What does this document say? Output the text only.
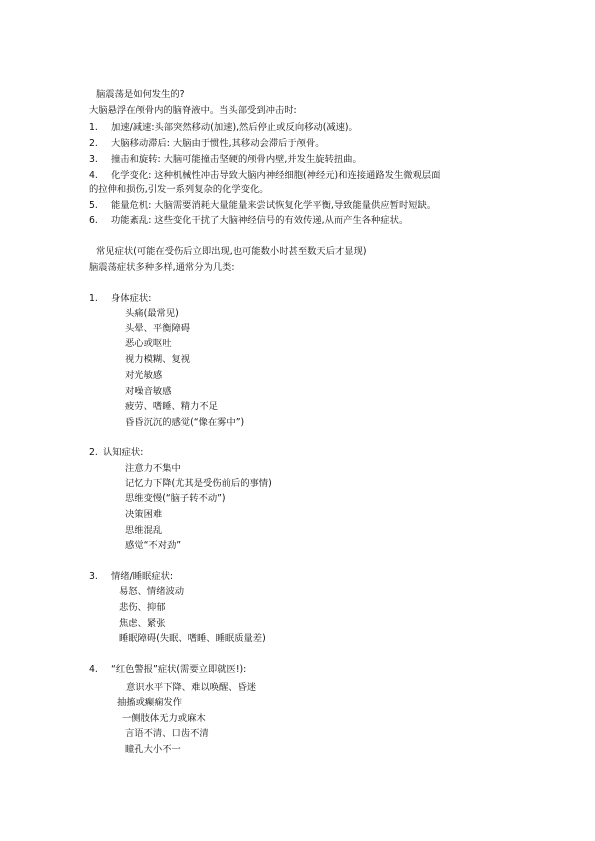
脑震荡是如何发生的?
大脑悬浮在颅骨内的脑脊液中。当头部受到冲击时:
1. 加速/减速:头部突然移动(加速),然后停止或反向移动(减速)。
2. 大脑移动滞后: 大脑由于惯性,其移动会滞后于颅骨。
3. 撞击和旋转: 大脑可能撞击坚硬的颅骨内壁,并发生旋转扭曲。
4. 化学变化: 这种机械性冲击导致大脑内神经细胞(神经元)和连接通路发生微观层面
的拉伸和损伤,引发一系列复杂的化学变化。
5. 能量危机: 大脑需要消耗大量能量来尝试恢复化学平衡,导致能量供应暂时短缺。
6. 功能紊乱: 这些变化干扰了大脑神经信号的有效传递,从而产生各种症状。
常见症状(可能在受伤后立即出现,也可能数小时甚至数天后才显现)
脑震荡症状多种多样,通常分为几类:
1. 身体症状:
头痛(最常见)
头晕、平衡障碍
恶心或呕吐
视力模糊、复视
对光敏感
对噪音敏感
疲劳、嗜睡、精力不足
昏昏沉沉的感觉(“像在雾中”)
2. 认知症状:
注意力不集中
记忆力下降(尤其是受伤前后的事情)
思维变慢(“脑子转不动”)
决策困难
思维混乱
感觉“不对劲”
3. 情绪/睡眠症状:
易怒、情绪波动
悲伤、抑郁
焦虑、紧张
睡眠障碍(失眠、嗜睡、睡眠质量差)
4. “红色警报”症状(需要立即就医!):
意识水平下降、难以唤醒、昏迷
抽搐或癫痫发作
一侧肢体无力或麻木
言语不清、口齿不清
瞳孔大小不一
